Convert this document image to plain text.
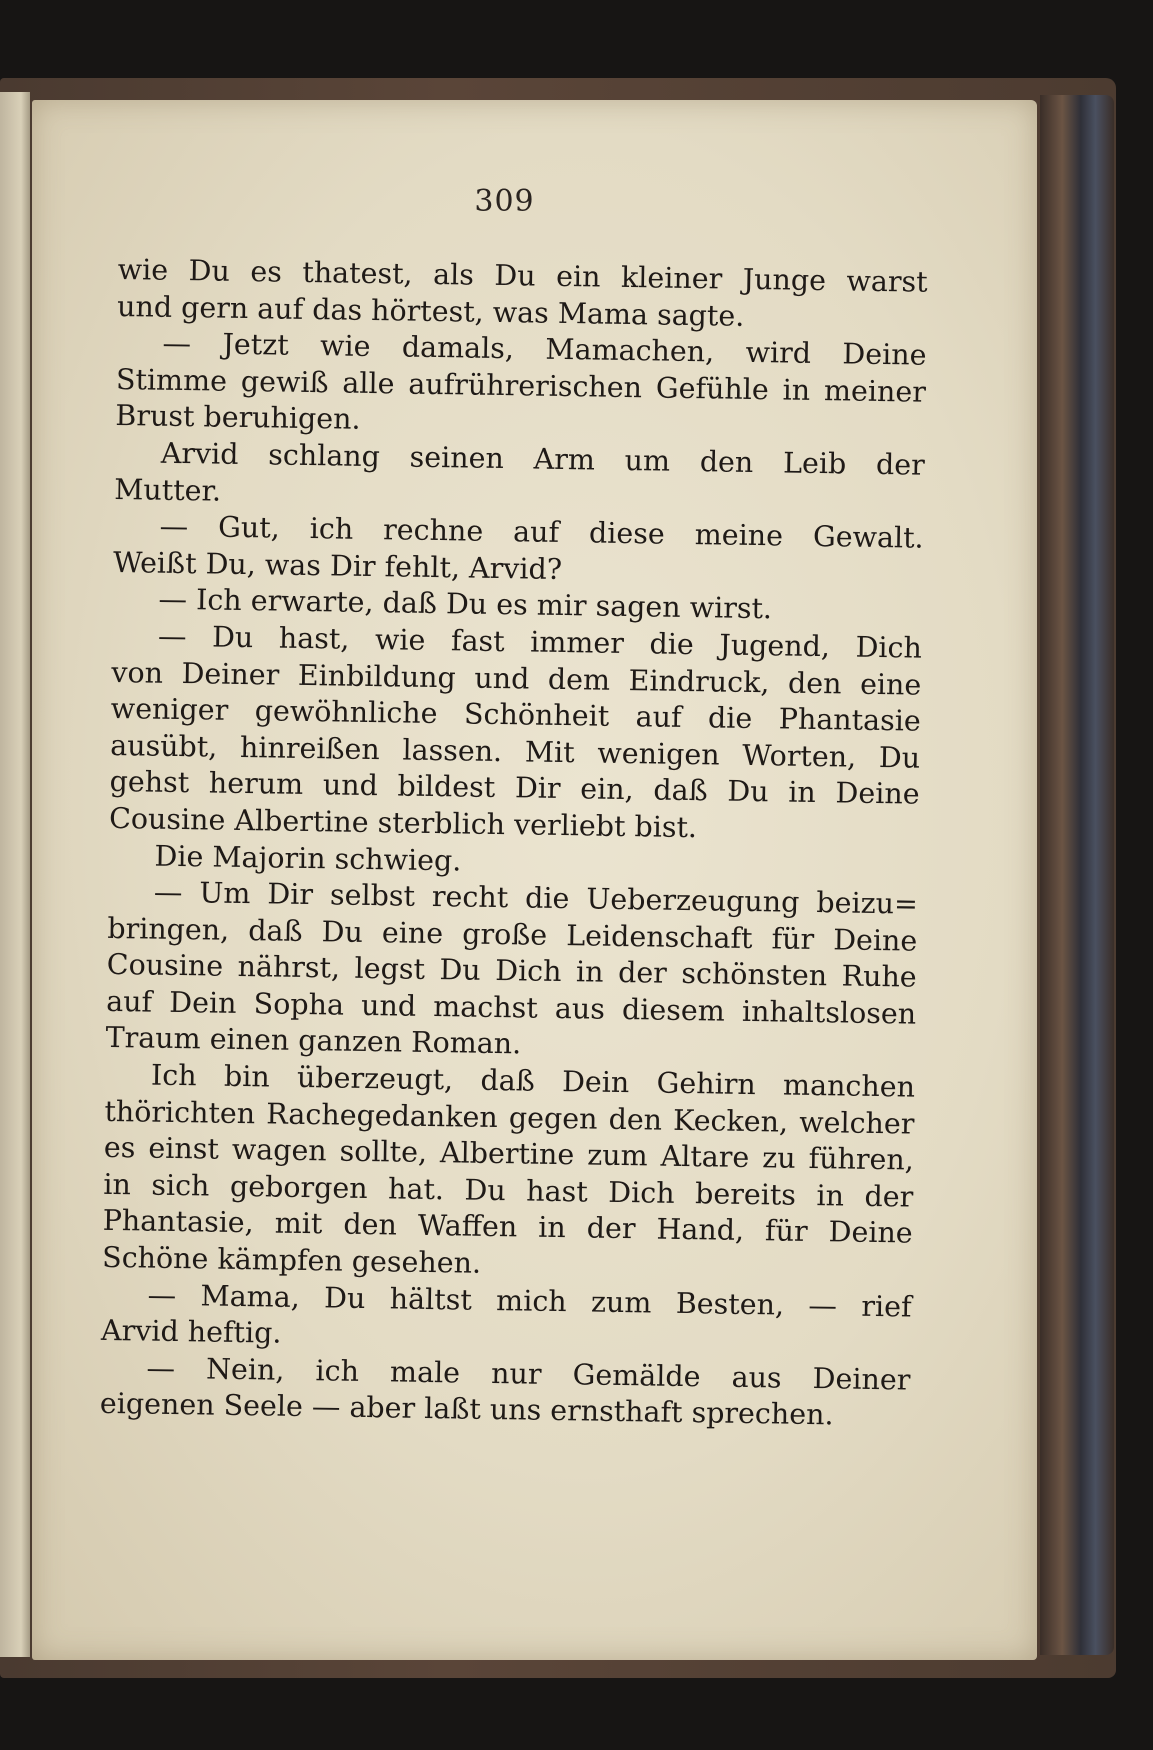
309
wie Du es thatest, als Du ein kleiner Junge warst
und gern auf das hörtest, was Mama sagte.
— Jetzt wie damals, Mamachen, wird Deine
Stimme gewiß alle aufrührerischen Gefühle in meiner
Brust beruhigen.
Arvid schlang seinen Arm um den Leib der
Mutter.
— Gut, ich rechne auf diese meine Gewalt.
Weißt Du, was Dir fehlt, Arvid?
— Ich erwarte, daß Du es mir sagen wirst.
— Du hast, wie fast immer die Jugend, Dich
von Deiner Einbildung und dem Eindruck, den eine
weniger gewöhnliche Schönheit auf die Phantasie
ausübt, hinreißen lassen. Mit wenigen Worten, Du
gehst herum und bildest Dir ein, daß Du in Deine
Cousine Albertine sterblich verliebt bist.
Die Majorin schwieg.
— Um Dir selbst recht die Ueberzeugung beizu=
bringen, daß Du eine große Leidenschaft für Deine
Cousine nährst, legst Du Dich in der schönsten Ruhe
auf Dein Sopha und machst aus diesem inhaltslosen
Traum einen ganzen Roman.
Ich bin überzeugt, daß Dein Gehirn manchen
thörichten Rachegedanken gegen den Kecken, welcher
es einst wagen sollte, Albertine zum Altare zu führen,
in sich geborgen hat. Du hast Dich bereits in der
Phantasie, mit den Waffen in der Hand, für Deine
Schöne kämpfen gesehen.
— Mama, Du hältst mich zum Besten, — rief
Arvid heftig.
— Nein, ich male nur Gemälde aus Deiner
eigenen Seele — aber laßt uns ernsthaft sprechen.
